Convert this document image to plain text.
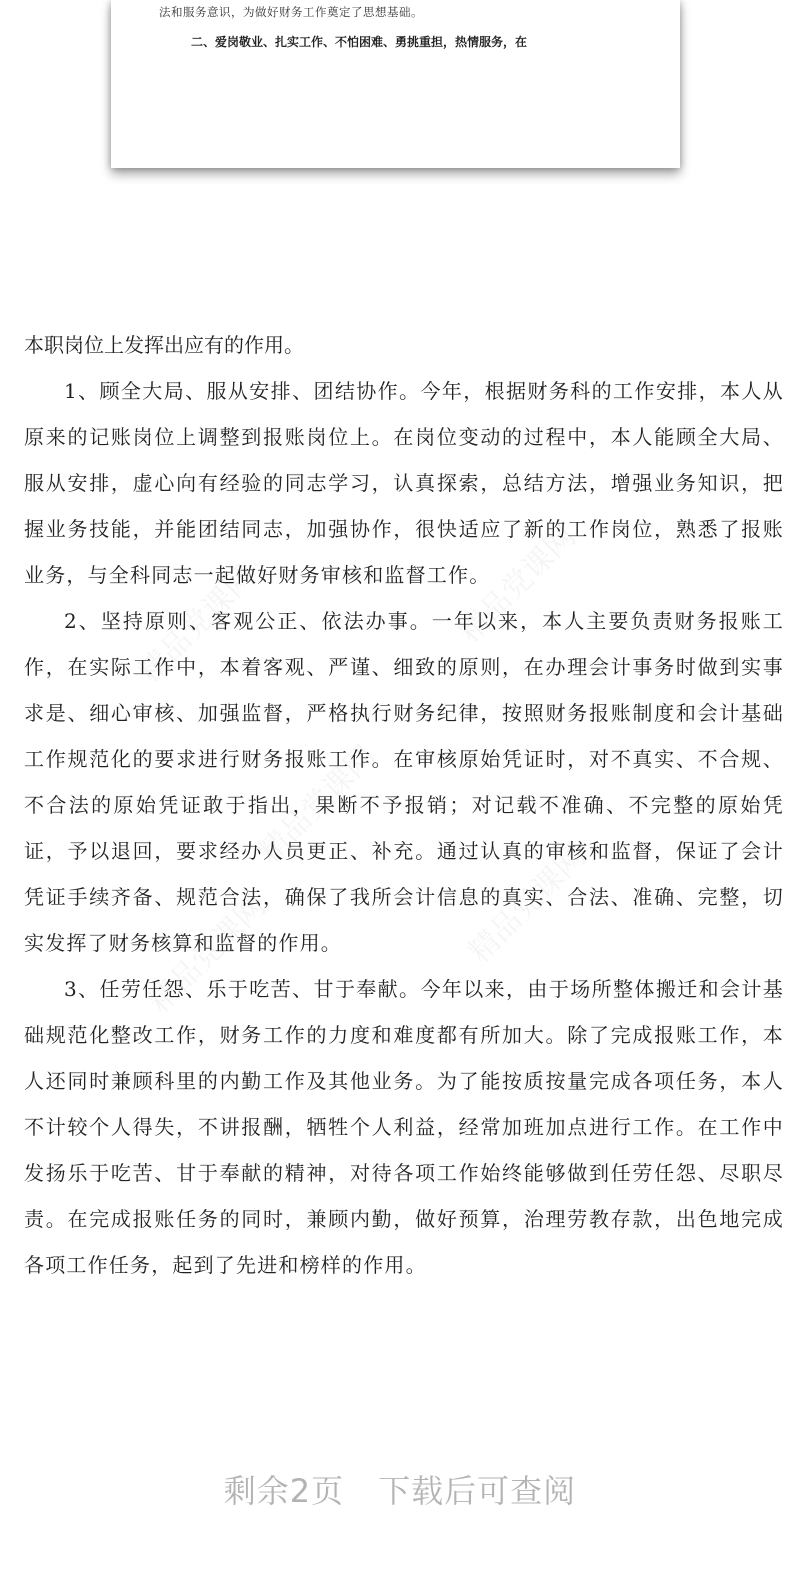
法和服务意识，为做好财务工作奠定了思想基础。
二、爱岗敬业、扎实工作、不怕困难、勇挑重担，热情服务，在

本职岗位上发挥出应有的作用。

1、顾全大局、服从安排、团结协作。今年，根据财务科的工作安排，本人从原来的记账岗位上调整到报账岗位上。在岗位变动的过程中，本人能顾全大局、服从安排，虚心向有经验的同志学习，认真探索，总结方法，增强业务知识，把握业务技能，并能团结同志，加强协作，很快适应了新的工作岗位，熟悉了报账业务，与全科同志一起做好财务审核和监督工作。

2、坚持原则、客观公正、依法办事。一年以来，本人主要负责财务报账工作，在实际工作中，本着客观、严谨、细致的原则，在办理会计事务时做到实事求是、细心审核、加强监督，严格执行财务纪律，按照财务报账制度和会计基础工作规范化的要求进行财务报账工作。在审核原始凭证时，对不真实、不合规、不合法的原始凭证敢于指出，果断不予报销；对记载不准确、不完整的原始凭证，予以退回，要求经办人员更正、补充。通过认真的审核和监督，保证了会计凭证手续齐备、规范合法，确保了我所会计信息的真实、合法、准确、完整，切实发挥了财务核算和监督的作用。

3、任劳任怨、乐于吃苦、甘于奉献。今年以来，由于场所整体搬迁和会计基础规范化整改工作，财务工作的力度和难度都有所加大。除了完成报账工作，本人还同时兼顾科里的内勤工作及其他业务。为了能按质按量完成各项任务，本人不计较个人得失，不讲报酬，牺牲个人利益，经常加班加点进行工作。在工作中发扬乐于吃苦、甘于奉献的精神，对待各项工作始终能够做到任劳任怨、尽职尽责。在完成报账任务的同时，兼顾内勤，做好预算，治理劳教存款，出色地完成各项工作任务，起到了先进和榜样的作用。

剩余2页 下载后可查阅
